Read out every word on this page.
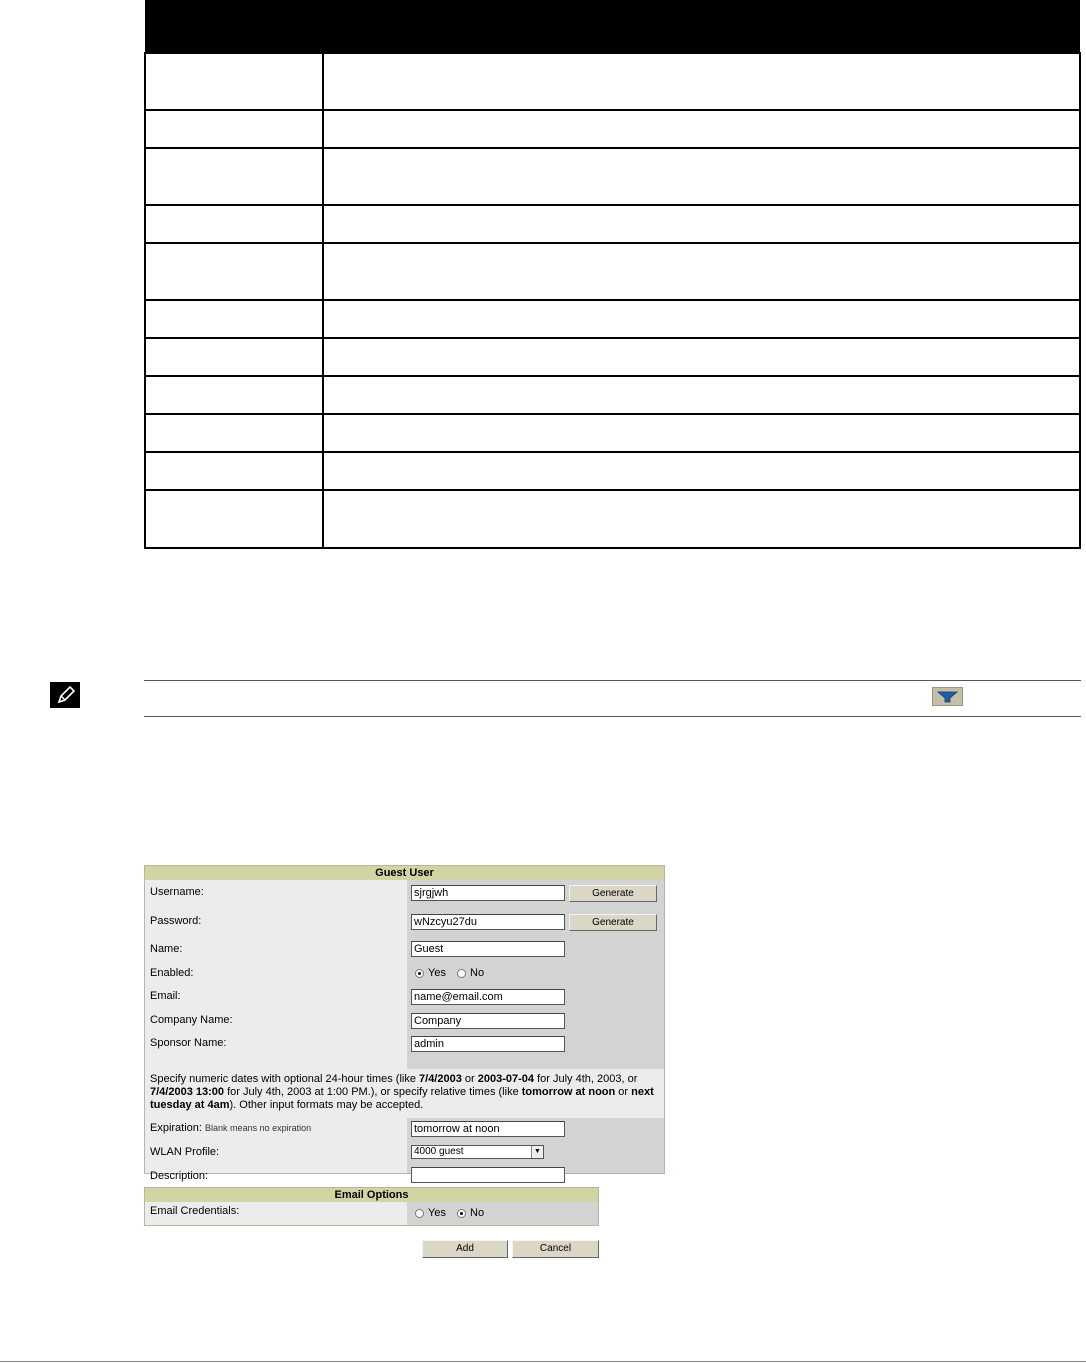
Guest User
Username:	sjrgjwh	Generate
Password:	wNzcyu27du	Generate
Name:	Guest
Enabled:	Yes No
Email:	name@email.com
Company Name:	Company
Sponsor Name:	admin
Specify numeric dates with optional 24-hour times (like 7/4/2003 or 2003-07-04 for July 4th, 2003, or 7/4/2003 13:00 for July 4th, 2003 at 1:00 PM.), or specify relative times (like tomorrow at noon or next tuesday at 4am). Other input formats may be accepted.
Expiration: Blank means no expiration	tomorrow at noon
WLAN Profile:	4000 guest	▼
Description:
Email Options
Email Credentials:	Yes No
Add	Cancel
